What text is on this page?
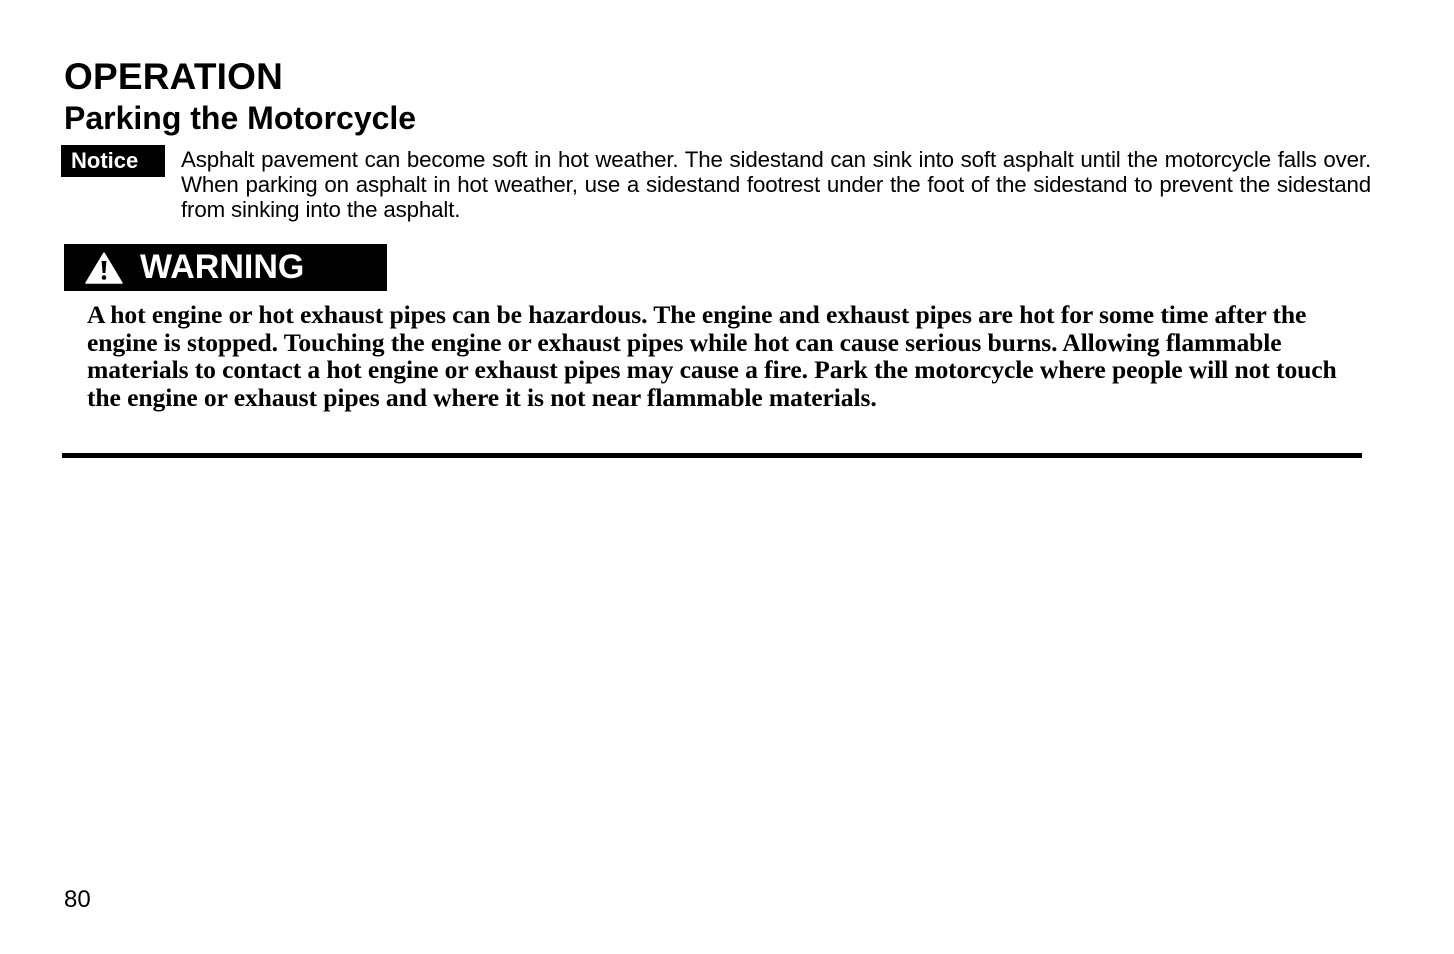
OPERATION
Parking the Motorcycle
Notice	Asphalt pavement can become soft in hot weather. The sidestand can sink into soft asphalt until the motorcycle falls over. When parking on asphalt in hot weather, use a sidestand footrest under the foot of the sidestand to prevent the sidestand from sinking into the asphalt.

WARNING

A hot engine or hot exhaust pipes can be hazardous. The engine and exhaust pipes are hot for some time after the engine is stopped. Touching the engine or exhaust pipes while hot can cause serious burns. Allowing flammable materials to contact a hot engine or exhaust pipes may cause a fire. Park the motorcycle where people will not touch the engine or exhaust pipes and where it is not near flammable materials.

80
